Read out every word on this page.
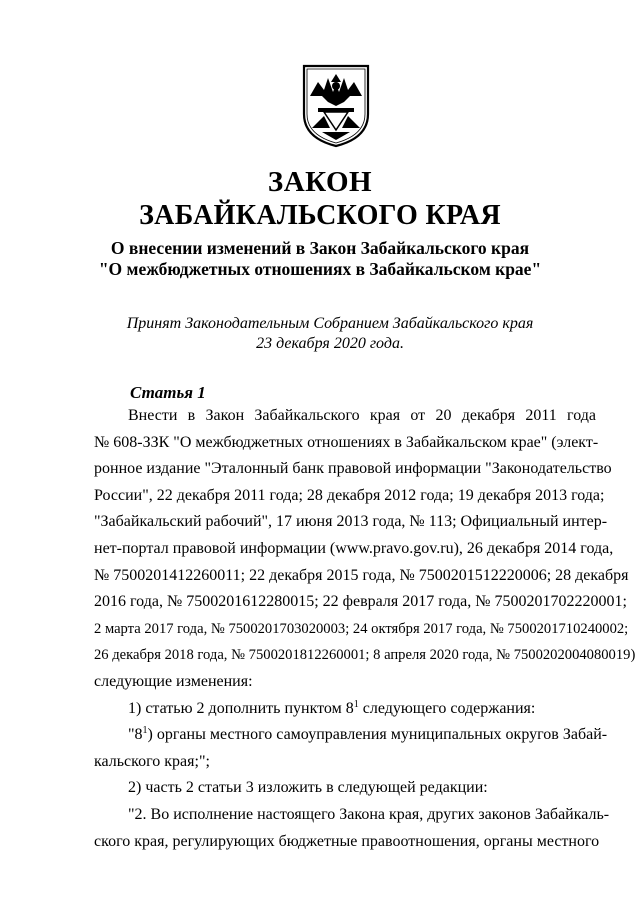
ЗАКОН
ЗАБАЙКАЛЬСКОГО КРАЯ
О внесении изменений в Закон Забайкальского края
"О межбюджетных отношениях в Забайкальском крае"
Принят Законодательным Собранием Забайкальского края
23 декабря 2020 года.
Статья 1
Внести в Закон Забайкальского края от 20 декабря 2011 года
№ 608-ЗЗК "О межбюджетных отношениях в Забайкальском крае" (элект-
ронное издание "Эталонный банк правовой информации "Законодательство
России", 22 декабря 2011 года; 28 декабря 2012 года; 19 декабря 2013 года;
"Забайкальский рабочий", 17 июня 2013 года, № 113; Официальный интер-
нет-портал правовой информации (www.pravo.gov.ru), 26 декабря 2014 года,
№ 7500201412260011; 22 декабря 2015 года, № 7500201512220006; 28 декабря
2016 года, № 7500201612280015; 22 февраля 2017 года, № 7500201702220001;
2 марта 2017 года, № 7500201703020003; 24 октября 2017 года, № 7500201710240002;
26 декабря 2018 года, № 7500201812260001; 8 апреля 2020 года, № 7500202004080019)
следующие изменения:
1) статью 2 дополнить пунктом $8^1$ следующего содержания:
"$8^1$) органы местного самоуправления муниципальных округов Забай-
кальского края;";
2) часть 2 статьи 3 изложить в следующей редакции:
"2. Во исполнение настоящего Закона края, других законов Забайкаль-
ского края, регулирующих бюджетные правоотношения, органы местного
